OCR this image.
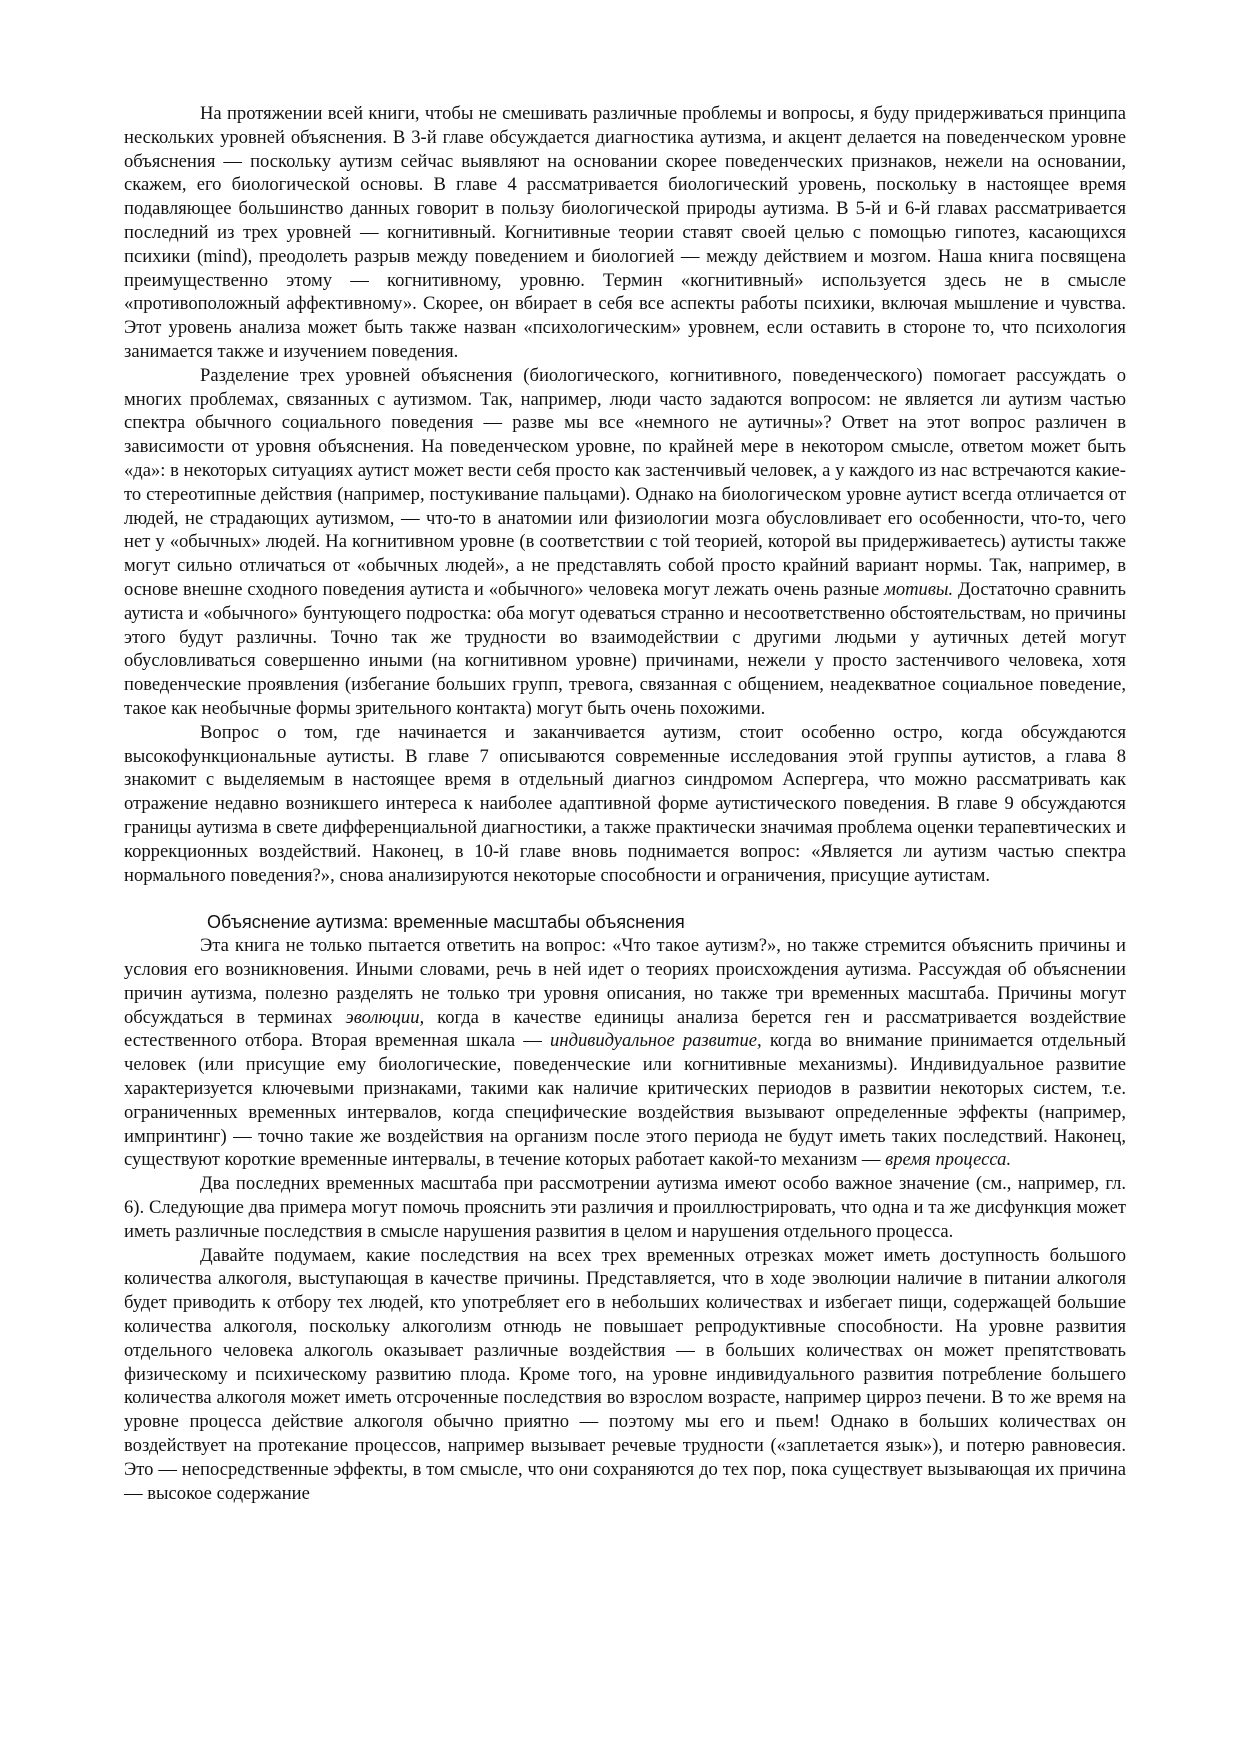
На протяжении всей книги, чтобы не смешивать различные проблемы и вопросы, я буду придерживаться принципа нескольких уровней объяснения. В 3-й главе обсуждается диагностика аутизма, и акцент делается на поведенческом уровне объяснения — поскольку аутизм сейчас выявляют на основании скорее поведенческих признаков, нежели на основании, скажем, его биологической основы. В главе 4 рассматривается биологический уровень, поскольку в настоящее время подавляющее большинство данных говорит в пользу биологической природы аутизма. В 5-й и 6-й главах рассматривается последний из трех уровней — когнитивный. Когнитивные теории ставят своей целью с помощью гипотез, касающихся психики (mind), преодолеть разрыв между поведением и биологией — между действием и мозгом. Наша книга посвящена преимущественно этому — когнитивному, уровню. Термин «когнитивный» используется здесь не в смысле «противоположный аффективному». Скорее, он вбирает в себя все аспекты работы психики, включая мышление и чувства. Этот уровень анализа может быть также назван «психологическим» уровнем, если оставить в стороне то, что психология занимается также и изучением поведения.

Разделение трех уровней объяснения (биологического, когнитивного, поведенческого) помогает рассуждать о многих проблемах, связанных с аутизмом. Так, например, люди часто задаются вопросом: не является ли аутизм частью спектра обычного социального поведения — разве мы все «немного не аутичны»? Ответ на этот вопрос различен в зависимости от уровня объяснения. На поведенческом уровне, по крайней мере в некотором смысле, ответом может быть «да»: в некоторых ситуациях аутист может вести себя просто как застенчивый человек, а у каждого из нас встречаются какие-то стереотипные действия (например, постукивание пальцами). Однако на биологическом уровне аутист всегда отличается от людей, не страдающих аутизмом, — что-то в анатомии или физиологии мозга обусловливает его особенности, что-то, чего нет у «обычных» людей. На когнитивном уровне (в соответствии с той теорией, которой вы придерживаетесь) аутисты также могут сильно отличаться от «обычных людей», а не представлять собой просто крайний вариант нормы. Так, например, в основе внешне сходного поведения аутиста и «обычного» человека могут лежать очень разные мотивы. Достаточно сравнить аутиста и «обычного» бунтующего подростка: оба могут одеваться странно и несоответственно обстоятельствам, но причины этого будут различны. Точно так же трудности во взаимодействии с другими людьми у аутичных детей могут обусловливаться совершенно иными (на когнитивном уровне) причинами, нежели у просто застенчивого человека, хотя поведенческие проявления (избегание больших групп, тревога, связанная с общением, неадекватное социальное поведение, такое как необычные формы зрительного контакта) могут быть очень похожими.

Вопрос о том, где начинается и заканчивается аутизм, стоит особенно остро, когда обсуждаются высокофункциональные аутисты. В главе 7 описываются современные исследования этой группы аутистов, а глава 8 знакомит с выделяемым в настоящее время в отдельный диагноз синдромом Аспергера, что можно рассматривать как отражение недавно возникшего интереса к наиболее адаптивной форме аутистического поведения. В главе 9 обсуждаются границы аутизма в свете дифференциальной диагностики, а также практически значимая проблема оценки терапевтических и коррекционных воздействий. Наконец, в 10-й главе вновь поднимается вопрос: «Является ли аутизм частью спектра нормального поведения?», снова анализируются некоторые способности и ограничения, присущие аутистам.

Объяснение аутизма: временные масштабы объяснения

Эта книга не только пытается ответить на вопрос: «Что такое аутизм?», но также стремится объяснить причины и условия его возникновения. Иными словами, речь в ней идет о теориях происхождения аутизма. Рассуждая об объяснении причин аутизма, полезно разделять не только три уровня описания, но также три временных масштаба. Причины могут обсуждаться в терминах эволюции, когда в качестве единицы анализа берется ген и рассматривается воздействие естественного отбора. Вторая временная шкала — индивидуальное развитие, когда во внимание принимается отдельный человек (или присущие ему биологические, поведенческие или когнитивные механизмы). Индивидуальное развитие характеризуется ключевыми признаками, такими как наличие критических периодов в развитии некоторых систем, т.е. ограниченных временных интервалов, когда специфические воздействия вызывают определенные эффекты (например, импринтинг) — точно такие же воздействия на организм после этого периода не будут иметь таких последствий. Наконец, существуют короткие временные интервалы, в течение которых работает какой-то механизм — время процесса.

Два последних временных масштаба при рассмотрении аутизма имеют особо важное значение (см., например, гл. 6). Следующие два примера могут помочь прояснить эти различия и проиллюстрировать, что одна и та же дисфункция может иметь различные последствия в смысле нарушения развития в целом и нарушения отдельного процесса.

Давайте подумаем, какие последствия на всех трех временных отрезках может иметь доступность большого количества алкоголя, выступающая в качестве причины. Представляется, что в ходе эволюции наличие в питании алкоголя будет приводить к отбору тех людей, кто употребляет его в небольших количествах и избегает пищи, содержащей большие количества алкоголя, поскольку алкоголизм отнюдь не повышает репродуктивные способности. На уровне развития отдельного человека алкоголь оказывает различные воздействия — в больших количествах он может препятствовать физическому и психическому развитию плода. Кроме того, на уровне индивидуального развития потребление большего количества алкоголя может иметь отсроченные последствия во взрослом возрасте, например цирроз печени. В то же время на уровне процесса действие алкоголя обычно приятно — поэтому мы его и пьем! Однако в больших количествах он воздействует на протекание процессов, например вызывает речевые трудности («заплетается язык»), и потерю равновесия. Это — непосредственные эффекты, в том смысле, что они сохраняются до тех пор, пока существует вызывающая их причина — высокое содержание
